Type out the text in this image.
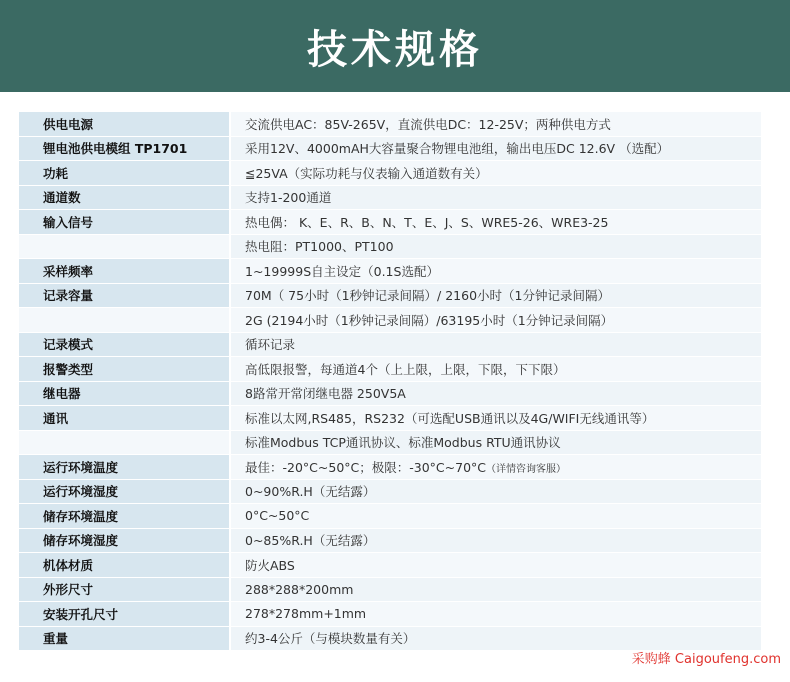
技术规格
供电电源	交流供电AC：85V-265V，直流供电DC：12-25V；两种供电方式
锂电池供电模组 TP1701	采用12V、4000mAH大容量聚合物锂电池组，输出电压DC 12.6V （选配）
功耗	≦25VA（实际功耗与仪表输入通道数有关）
通道数	支持1-200通道
输入信号	热电偶： K、E、R、B、N、T、E、J、S、WRE5-26、WRE3-25
	热电阻：PT1000、PT100
采样频率	1~19999S自主设定（0.1S选配）
记录容量	70M（ 75小时（1秒钟记录间隔）/ 2160小时（1分钟记录间隔）
	2G (2194小时（1秒钟记录间隔）/63195小时（1分钟记录间隔）
记录模式	循环记录
报警类型	高低限报警，每通道4个（上上限，上限，下限，下下限）
继电器	8路常开常闭继电器 250V5A
通讯	标准以太网,RS485，RS232（可选配USB通讯以及4G/WIFI无线通讯等）
	标准Modbus TCP通讯协议、标准Modbus RTU通讯协议
运行环境温度	最佳：-20°C~50°C；极限：-30°C~70°C（详情咨询客服）
运行环境湿度	0~90%R.H（无结露）
储存环境温度	0°C~50°C
储存环境湿度	0~85%R.H（无结露）
机体材质	防火ABS
外形尺寸	288*288*200mm
安装开孔尺寸	278*278mm+1mm
重量	约3-4公斤（与模块数量有关）
采购蜂 Caigoufeng.com
